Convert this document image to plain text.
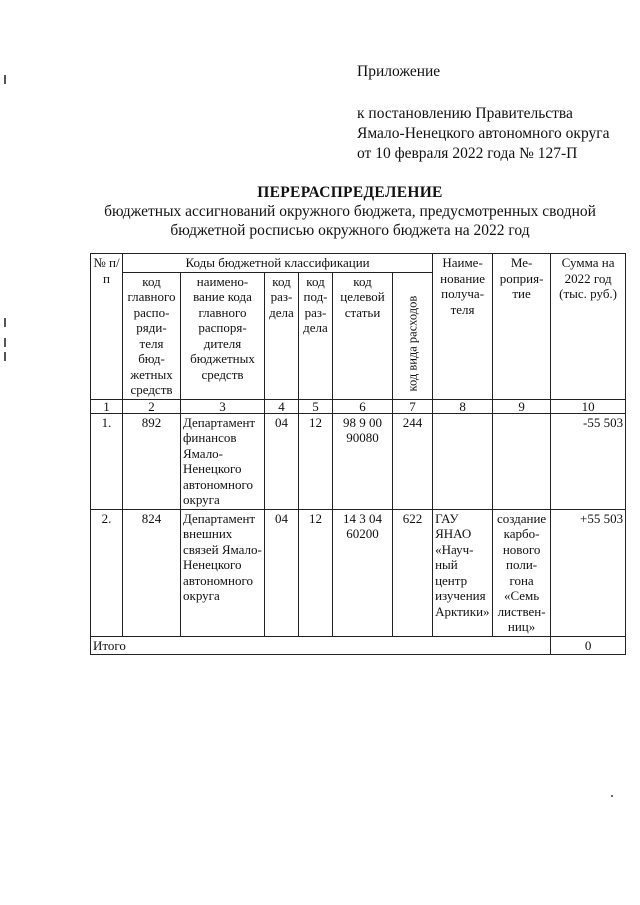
Приложение
к постановлению Правительства
Ямало-Ненецкого автономного округа
от 10 февраля 2022 года № 127-П
ПЕРЕРАСПРЕДЕЛЕНИЕ
бюджетных ассигнований окружного бюджета, предусмотренных сводной
бюджетной росписью окружного бюджета на 2022 год
№ п/п	Коды бюджетной классификации						Наиме-нование получа-теля	Ме-роприя-тие	Сумма на 2022 год (тыс. руб.)
	код главного распо-ряди-теля бюд-жетных средств	наимено-вание кода главного распоря-дителя бюджетных средств	код раз-дела	код под-раз-дела	код целевой статьи	код вида расходов			

1	2	3	4	5	6	7	8	9	10
1.	892	Департамент финансов Ямало-Ненецкого автономного округа	04	12	98 9 00 90080	244			-55 503
2.	824	Департамент внешних связей Ямало-Ненецкого автономного округа	04	12	14 3 04 60200	622	ГАУ ЯНАО «Науч-ный центр изучения Арктики»	создание карбо-нового поли-гона «Семь листвен-ниц»	+55 503
Итого									0
